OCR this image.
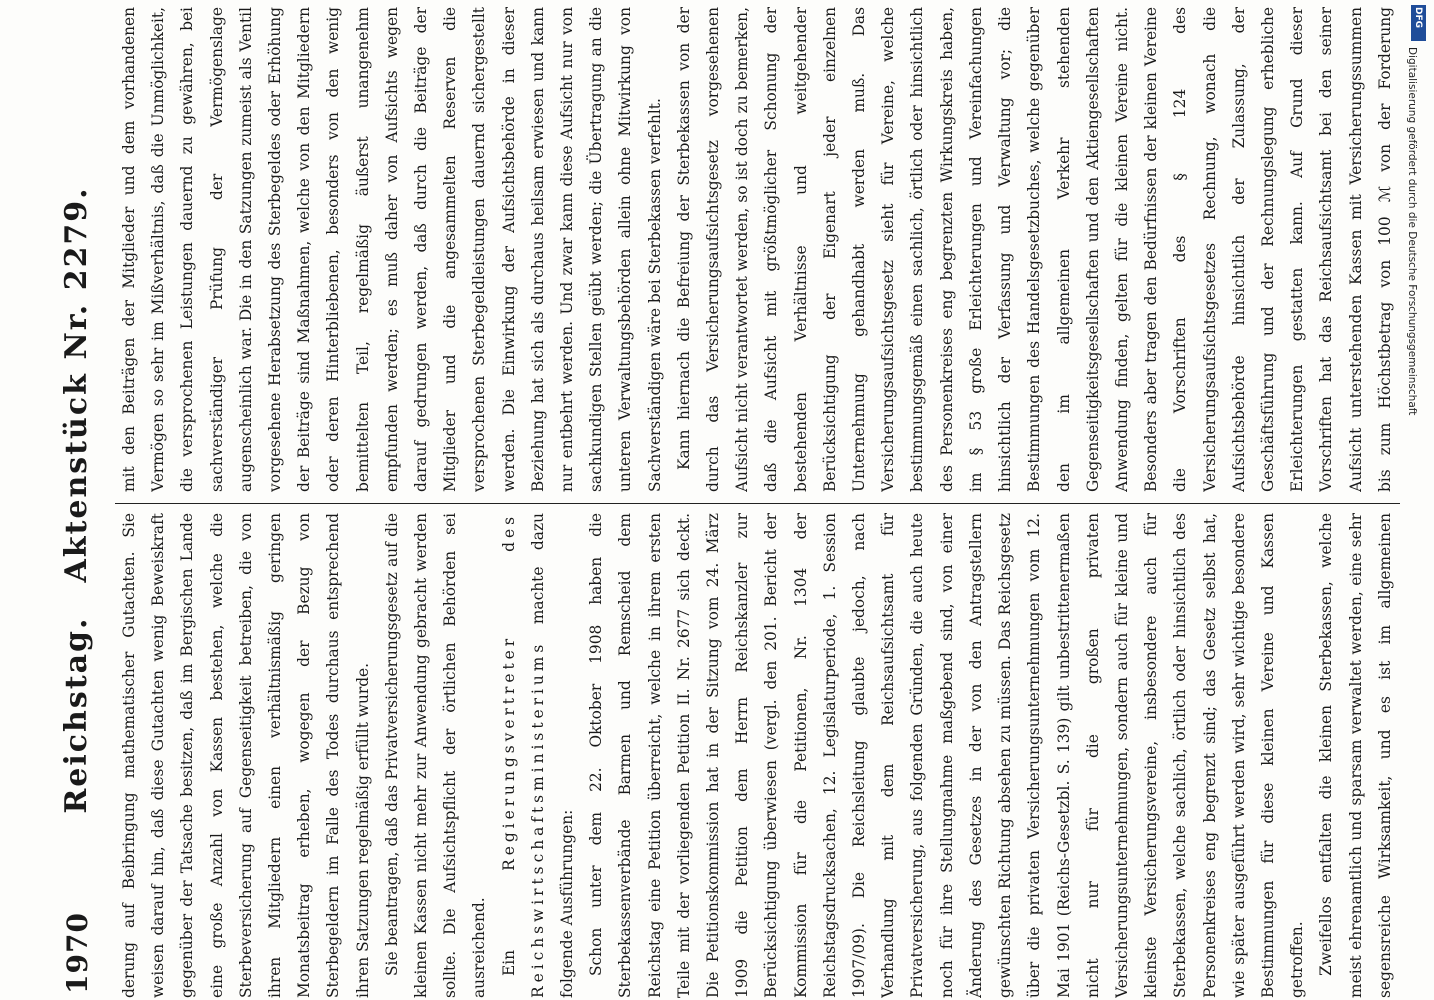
1970
Reichstag.Aktenstück Nr. 2279.

derung auf Beibringung mathematischer Gutachten. Sie weisen darauf hin, daß diese Gutachten wenig Beweiskraft gegenüber der Tatsache besitzen, daß im Bergischen Lande eine große Anzahl von Kassen bestehen, welche die Sterbeversicherung auf Gegenseitigkeit betreiben, die von ihren Mitgliedern einen verhältnismäßig geringen Monatsbeitrag erheben, wogegen der Bezug von Sterbegeldern im Falle des Todes durchaus entsprechend ihren Satzungen regelmäßig erfüllt wurde. Sie beantragen, daß das Privatversicherungsgesetz auf die kleinen Kassen nicht mehr zur Anwendung gebracht werden sollte. Die Aufsichtspflicht der örtlichen Behörden sei ausreichend. Ein Regierungsvertreter des Reichswirtschaftsministeriums machte dazu folgende Ausführungen: Schon unter dem 22. Oktober 1908 haben die Sterbekassenverbände Barmen und Remscheid dem Reichstag eine Petition überreicht, welche in ihrem ersten Teile mit der vorliegenden Petition II. Nr. 2677 sich deckt. Die Petitionskommission hat in der Sitzung vom 24. März 1909 die Petition dem Herrn Reichskanzler zur Berücksichtigung überwiesen (vergl. den 201. Bericht der Kommission für die Petitionen, Nr. 1304 der Reichstagsdrucksachen, 12. Legislaturperiode, 1. Session 1907/09). Die Reichsleitung glaubte jedoch, nach Verhandlung mit dem Reichsaufsichtsamt für Privatversicherung, aus folgenden Gründen, die auch heute noch für ihre Stellungnahme maßgebend sind, von einer Änderung des Gesetzes in der von den Antragstellern gewünschten Richtung absehen zu müssen. Das Reichsgesetz über die privaten Versicherungsunternehmungen vom 12. Mai 1901 (Reichs-Gesetzbl. S. 139) gilt unbestrittenermaßen nicht nur für die großen privaten Versicherungsunternehmungen, sondern auch für kleine und kleinste Versicherungsvereine, insbesondere auch für Sterbekassen, welche sachlich, örtlich oder hinsichtlich des Personenkreises eng begrenzt sind; das Gesetz selbst hat, wie später ausgeführt werden wird, sehr wichtige besondere Bestimmungen für diese kleinen Vereine und Kassen getroffen. Zweifellos entfalten die kleinen Sterbekassen, welche meist ehrenamtlich und sparsam verwaltet werden, eine sehr segensreiche Wirksamkeit, und es ist im allgemeinen

mit den Beiträgen der Mitglieder und dem vorhandenen Vermögen so sehr im Mißverhältnis, daß die Unmöglichkeit, die versprochenen Leistungen dauernd zu gewähren, bei sachverständiger Prüfung der Vermögenslage augenscheinlich war. Die in den Satzungen zumeist als Ventil vorgesehene Herabsetzung des Sterbegeldes oder Erhöhung der Beiträge sind Maßnahmen, welche von den Mitgliedern oder deren Hinterbliebenen, besonders von den wenig bemittelten Teil, regelmäßig äußerst unangenehm empfunden werden; es muß daher von Aufsichts wegen darauf gedrungen werden, daß durch die Beiträge der Mitglieder und die angesammelten Reserven die versprochenen Sterbegeldleistungen dauernd sichergestellt werden. Die Einwirkung der Aufsichtsbehörde in dieser Beziehung hat sich als durchaus heilsam erwiesen und kann nur entbehrt werden. Und zwar kann diese Aufsicht nur von sachkundigen Stellen geübt werden; die Übertragung an die unteren Verwaltungsbehörden allein ohne Mitwirkung von Sachverständigen wäre bei Sterbekassen verfehlt. Kann hiernach die Befreiung der Sterbekassen von der durch das Versicherungsaufsichtsgesetz vorgesehenen Aufsicht nicht verantwortet werden, so ist doch zu bemerken, daß die Aufsicht mit größtmöglicher Schonung der bestehenden Verhältnisse und weitgehender Berücksichtigung der Eigenart jeder einzelnen Unternehmung gehandhabt werden muß. Das Versicherungsaufsichtsgesetz sieht für Vereine, welche bestimmungsgemäß einen sachlich, örtlich oder hinsichtlich des Personenkreises eng begrenzten Wirkungskreis haben, im § 53 große Erleichterungen und Vereinfachungen hinsichtlich der Verfassung und Verwaltung vor; die Bestimmungen des Handelsgesetzbuches, welche gegenüber den im allgemeinen Verkehr stehenden Gegenseitigkeitsgesellschaften und den Aktiengesellschaften Anwendung finden, gelten für die kleinen Vereine nicht. Besonders aber tragen den Bedürfnissen der kleinen Vereine die Vorschriften des § 124 des Versicherungsaufsichtsgesetzes Rechnung, wonach die Aufsichtsbehörde hinsichtlich der Zulassung, der Geschäftsführung und der Rechnungslegung erhebliche Erleichterungen gestatten kann. Auf Grund dieser Vorschriften hat das Reichsaufsichtsamt bei den seiner Aufsicht unterstehenden Kassen mit Versicherungssummen bis zum Höchstbetrag von 100 ℳ von der Forderung	DFG
Digitalisierung gefördert durch die Deutsche Forschungsgemeinschaft
